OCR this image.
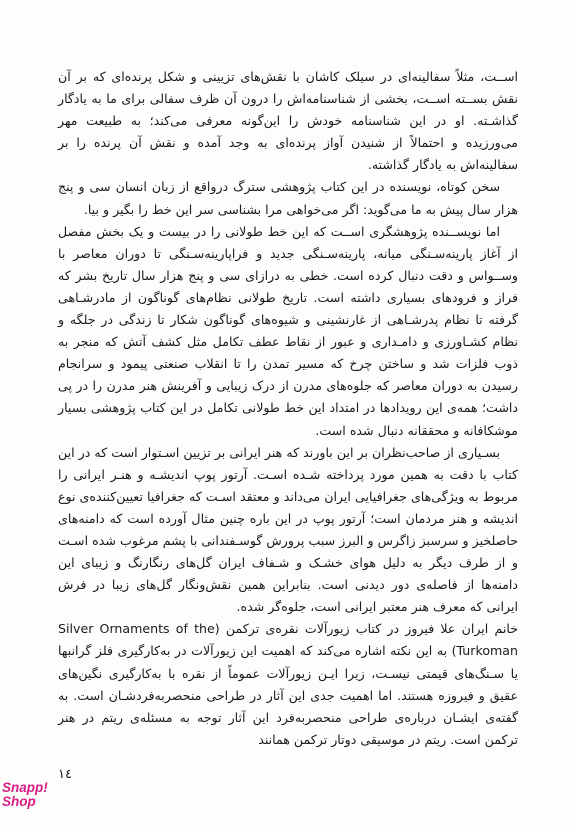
اســت، مثلاً سفالینه‌ای در سیلک کاشان با نقش‌های تزیینی و شکل پرنده‌ای که بر آن نقش بســته اســت، بخشی از شناسنامه‌اش را درون آن ظرف سفالی برای ما به یادگار گذاشـته. او در این شناسنامه خودش را این‌گونه معرفی می‌کند؛ به طبیعت مهر می‌ورزیده و احتمالاً از شنیدن آواز پرنده‌ای به وجد آمده و نقش آن پرنده را بر سفالینه‌اش به یادگار گذاشته.

سخن کوتاه، نویسنده در این کتاب پژوهشی سترگ درواقع از زبان انسان سی و پنج هزار سال پیش به ما می‌گوید: اگر می‌خواهی مرا بشناسی سر این خط را بگیر و بیا.

اما نویســنده پژوهشگری اســت که این خط طولانی را در بیست و یک بخش مفصل از آغاز پارینه‌سـنگی میانه، پارینه‌سـنگی جدید و فراپارینه‌سـنگی تا دوران معاصر با وســواس و دقت دنبال کرده است. خطی به درازای سی و پنج هزار سال تاریخ بشر که فراز و فرودهای بسیاری داشته است. تاریخ طولانی نظام‌های گوناگون از مادرشـاهی گرفته تا نظام پدرشـاهی از غارنشینی و شیوه‌های گوناگون شکار تا زندگی در جلگه و نظام کشـاورزی و دامـداری و عبور از نقاط عطف تکامل مثل کشف آتش که منجر به ذوب فلزات شد و ساختن چرخ که مسیر تمدن را تا انقلاب صنعتی پیمود و سرانجام رسیدن به دوران معاصر که جلوه‌های مدرن از درک زیبایی و آفرینش هنر مدرن را در پی داشت؛ همه‌ی این رویدادها در امتداد این خط طولانی تکامل در این کتاب پژوهشی بسیار موشکافانه و محققانه دنبال شده است.

بسـیاری از صاحب‌نظران بر این باورند که هنر ایرانی بر تزیین اسـتوار است که در این کتاب با دقت به همین مورد پرداخته شـده اسـت. آرتور پوپ اندیشـه و هنـر ایرانی را مربوط به ویژگی‌های جغرافیایی ایران می‌داند و معتقد اسـت که جغرافیا تعیین‌کننده‌ی نوع اندیشه و هنر مردمان است؛ آرتور پوپ در این باره چنین مثال آورده است که دامنه‌های حاصلخیز و سرسبز زاگرس و البرز سبب پرورش گوسـفندانی با پشم مرغوب شده اسـت و از طرف دیگر به دلیل هوای خشـک و شـفاف ایران گل‌های رنگارنگ و زیبای این دامنه‌ها از فاصله‌ی دور دیدنی است. بنابراین همین نقش‌ونگار گل‌های زیبا در فرش ایرانی که معرف هنر معتبر ایرانی است، جلوه‌گر شده.

خانم ایران علا فیروز در کتاب زیورآلات نقره‌ی ترکمن (Silver Ornaments of the Turkoman) به این نکته اشاره می‌کند که اهمیت این زیورآلات در به‌کارگیری فلز گرانبها یا سـنگ‌های قیمتی نیسـت، زیرا ایـن زیورآلات عموماً از نقره با به‌کارگیری نگین‌های عقیق و فیروزه هستند. اما اهمیت جدی این آثار در طراحی منحصربه‌فردشـان است. به گفته‌ی ایشـان درباره‌ی طراحی منحصربه‌فرد این آثار توجه به مسئله‌ی ریتم در هنر ترکمن است. ریتم در موسیقی دوتار ترکمن همانند

١٤
Snapp!
Shop
